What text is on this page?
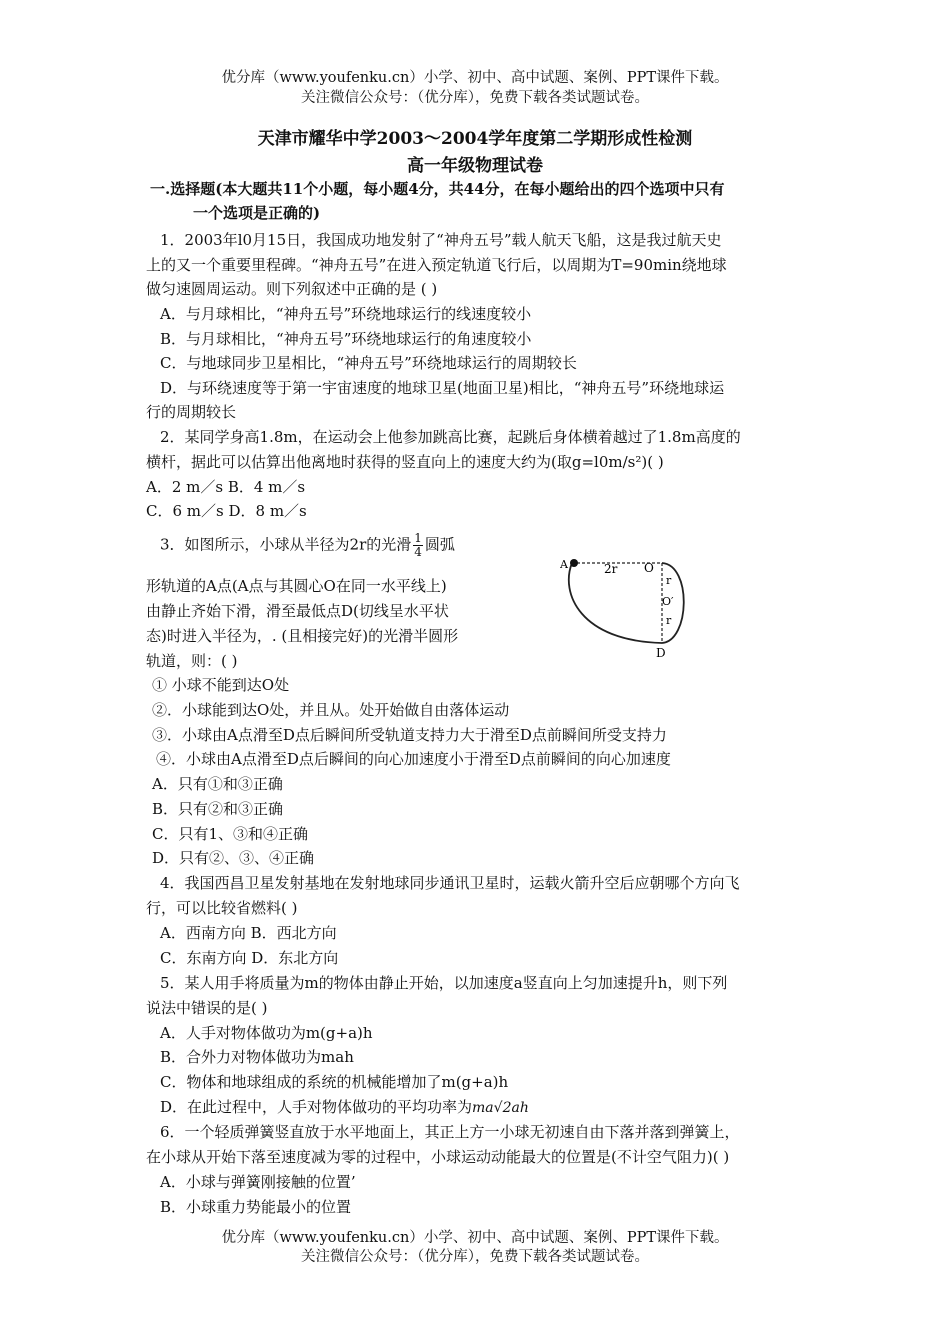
优分库（www.youfenku.cn）小学、初中、高中试题、案例、PPT课件下载。
关注微信公众号：（优分库），免费下载各类试题试卷。
天津市耀华中学2003～2004学年度第二学期形成性检测
高一年级物理试卷
一.选择题(本大题共11个小题，每小题4分，共44分，在每小题给出的四个选项中只有
一个选项是正确的)
1．2003年l0月15日，我国成功地发射了“神舟五号”载人航天飞船，这是我过航天史
上的又一个重要里程碑。“神舟五号”在进入预定轨道飞行后，以周期为T=90min绕地球
做匀速圆周运动。则下列叙述中正确的是 ( )
A．与月球相比，“神舟五号”环绕地球运行的线速度较小
B．与月球相比，“神舟五号”环绕地球运行的角速度较小
C．与地球同步卫星相比，“神舟五号”环绕地球运行的周期较长
D．与环绕速度等于第一宇宙速度的地球卫星(地面卫星)相比，“神舟五号”环绕地球运
行的周期较长
2．某同学身高1.8m，在运动会上他参加跳高比赛，起跳后身体横着越过了1.8m高度的
横杆，据此可以估算出他离地时获得的竖直向上的速度大约为(取g=l0m/s²)( )
A．2 m／s B．4 m／s
C．6 m／s D．8 m／s
3．如图所示，小球从半径为2r的光滑 $\frac{1}{4}$ 圆弧
形轨道的A点(A点与其圆心O在同一水平线上)
由静止齐始下滑，滑至最低点D(切线呈水平状
态)时进入半径为，. (且相接完好)的光滑半圆形
轨道，则：( )
A	2r O
r
O′
r
D
① 小球不能到达O处
②．小球能到达O处，并且从。处开始做自由落体运动
③．小球由A点滑至D点后瞬间所受轨道支持力大于滑至D点前瞬间所受支持力
④．小球由A点滑至D点后瞬间的向心加速度小于滑至D点前瞬间的向心加速度
A．只有①和③正确
B．只有②和③正确
C．只有1、③和④正确
D．只有②、③、④正确
4．我国西昌卫星发射基地在发射地球同步通讯卫星时，运载火箭升空后应朝哪个方向飞
行，可以比较省燃料( )
A．西南方向 B．西北方向
C．东南方向 D．东北方向
5．某人用手将质量为m的物体由静止开始，以加速度a竖直向上匀加速提升h，则下列
说法中错误的是( )
A．人手对物体做功为m(g+a)h
B．合外力对物体做功为mah
C．物体和地球组成的系统的机械能增加了m(g+a)h
D．在此过程中，人手对物体做功的平均功率为ma√2ah
6．一个轻质弹簧竖直放于水平地面上，其正上方一小球无初速自由下落并落到弹簧上，
在小球从开始下落至速度减为零的过程中，小球运动动能最大的位置是(不计空气阻力)( )
A．小球与弹簧刚接触的位置’
B．小球重力势能最小的位置
优分库（www.youfenku.cn）小学、初中、高中试题、案例、PPT课件下载。
关注微信公众号：（优分库），免费下载各类试题试卷。
